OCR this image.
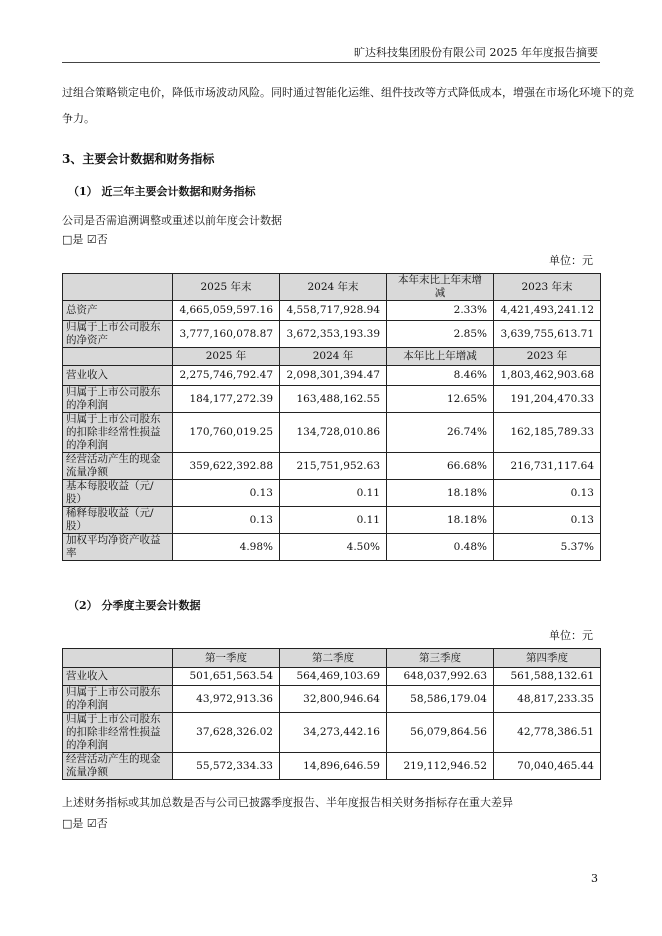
旷达科技集团股份有限公司 2025 年年度报告摘要
过组合策略锁定电价，降低市场波动风险。同时通过智能化运维、组件技改等方式降低成本，增强在市场化环境下的竞
争力。
3、主要会计数据和财务指标
（1） 近三年主要会计数据和财务指标
公司是否需追溯调整或重述以前年度会计数据
□是 ☑否
单位：元
	2025 年末	2024 年末	本年末比上年末增减	2023 年末
总资产	4,665,059,597.16	4,558,717,928.94	2.33%	4,421,493,241.12
归属于上市公司股东的净资产	3,777,160,078.87	3,672,353,193.39	2.85%	3,639,755,613.71
	2025 年	2024 年	本年比上年增减	2023 年
营业收入	2,275,746,792.47	2,098,301,394.47	8.46%	1,803,462,903.68
归属于上市公司股东的净利润	184,177,272.39	163,488,162.55	12.65%	191,204,470.33
归属于上市公司股东的扣除非经常性损益的净利润	170,760,019.25	134,728,010.86	26.74%	162,185,789.33
经营活动产生的现金流量净额	359,622,392.88	215,751,952.63	66.68%	216,731,117.64
基本每股收益（元/股）	0.13	0.11	18.18%	0.13
稀释每股收益（元/股）	0.13	0.11	18.18%	0.13
加权平均净资产收益率	4.98%	4.50%	0.48%	5.37%
（2） 分季度主要会计数据
单位：元
	第一季度	第二季度	第三季度	第四季度
营业收入	501,651,563.54	564,469,103.69	648,037,992.63	561,588,132.61
归属于上市公司股东的净利润	43,972,913.36	32,800,946.64	58,586,179.04	48,817,233.35
归属于上市公司股东的扣除非经常性损益的净利润	37,628,326.02	34,273,442.16	56,079,864.56	42,778,386.51
经营活动产生的现金流量净额	55,572,334.33	14,896,646.59	219,112,946.52	70,040,465.44
上述财务指标或其加总数是否与公司已披露季度报告、半年度报告相关财务指标存在重大差异
□是 ☑否
3
